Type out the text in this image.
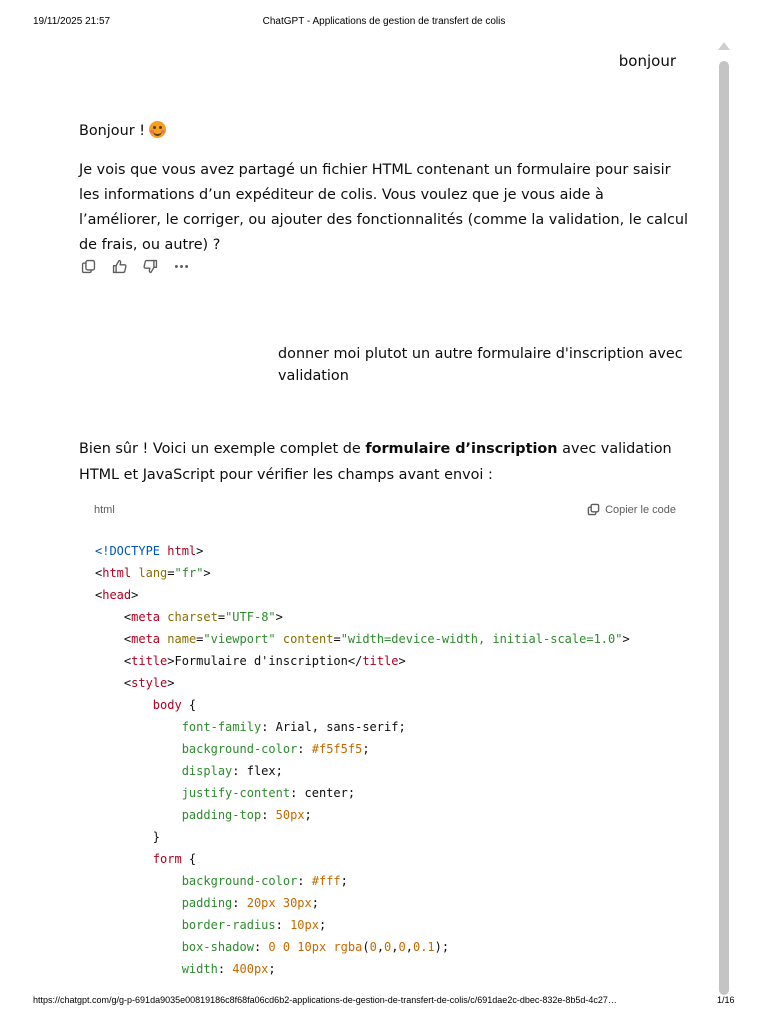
19/11/2025 21:57	ChatGPT - Applications de gestion de transfert de colis
bonjour

Bonjour !

Je vois que vous avez partagé un fichier HTML contenant un formulaire pour saisir les informations d’un expéditeur de colis. Vous voulez que je vous aide à l’améliorer, le corriger, ou ajouter des fonctionnalités (comme la validation, le calcul de frais, ou autre) ?

donner moi plutot un autre formulaire d'inscription avec validation
Bien sûr ! Voici un exemple complet de formulaire d’inscription avec validation HTML et JavaScript pour vérifier les champs avant envoi :
html	Copier le code
<!DOCTYPE html>
<html lang="fr">
<head>
<meta charset="UTF-8">
<meta name="viewport" content="width=device-width, initial-scale=1.0">
<title>Formulaire d'inscription</title>
<style>
body {
font-family: Arial, sans-serif;
background-color: #f5f5f5;
display: flex;
justify-content: center;
padding-top: 50px;
}
form {
background-color: #fff;
padding: 20px 30px;
border-radius: 10px;
box-shadow: 0 0 10px rgba(0,0,0,0.1);
width: 400px;
https://chatgpt.com/g/g-p-691da9035e00819186c8f68fa06cd6b2-applications-de-gestion-de-transfert-de-colis/c/691dae2c-dbec-832e-8b5d-4c27…	1/16
